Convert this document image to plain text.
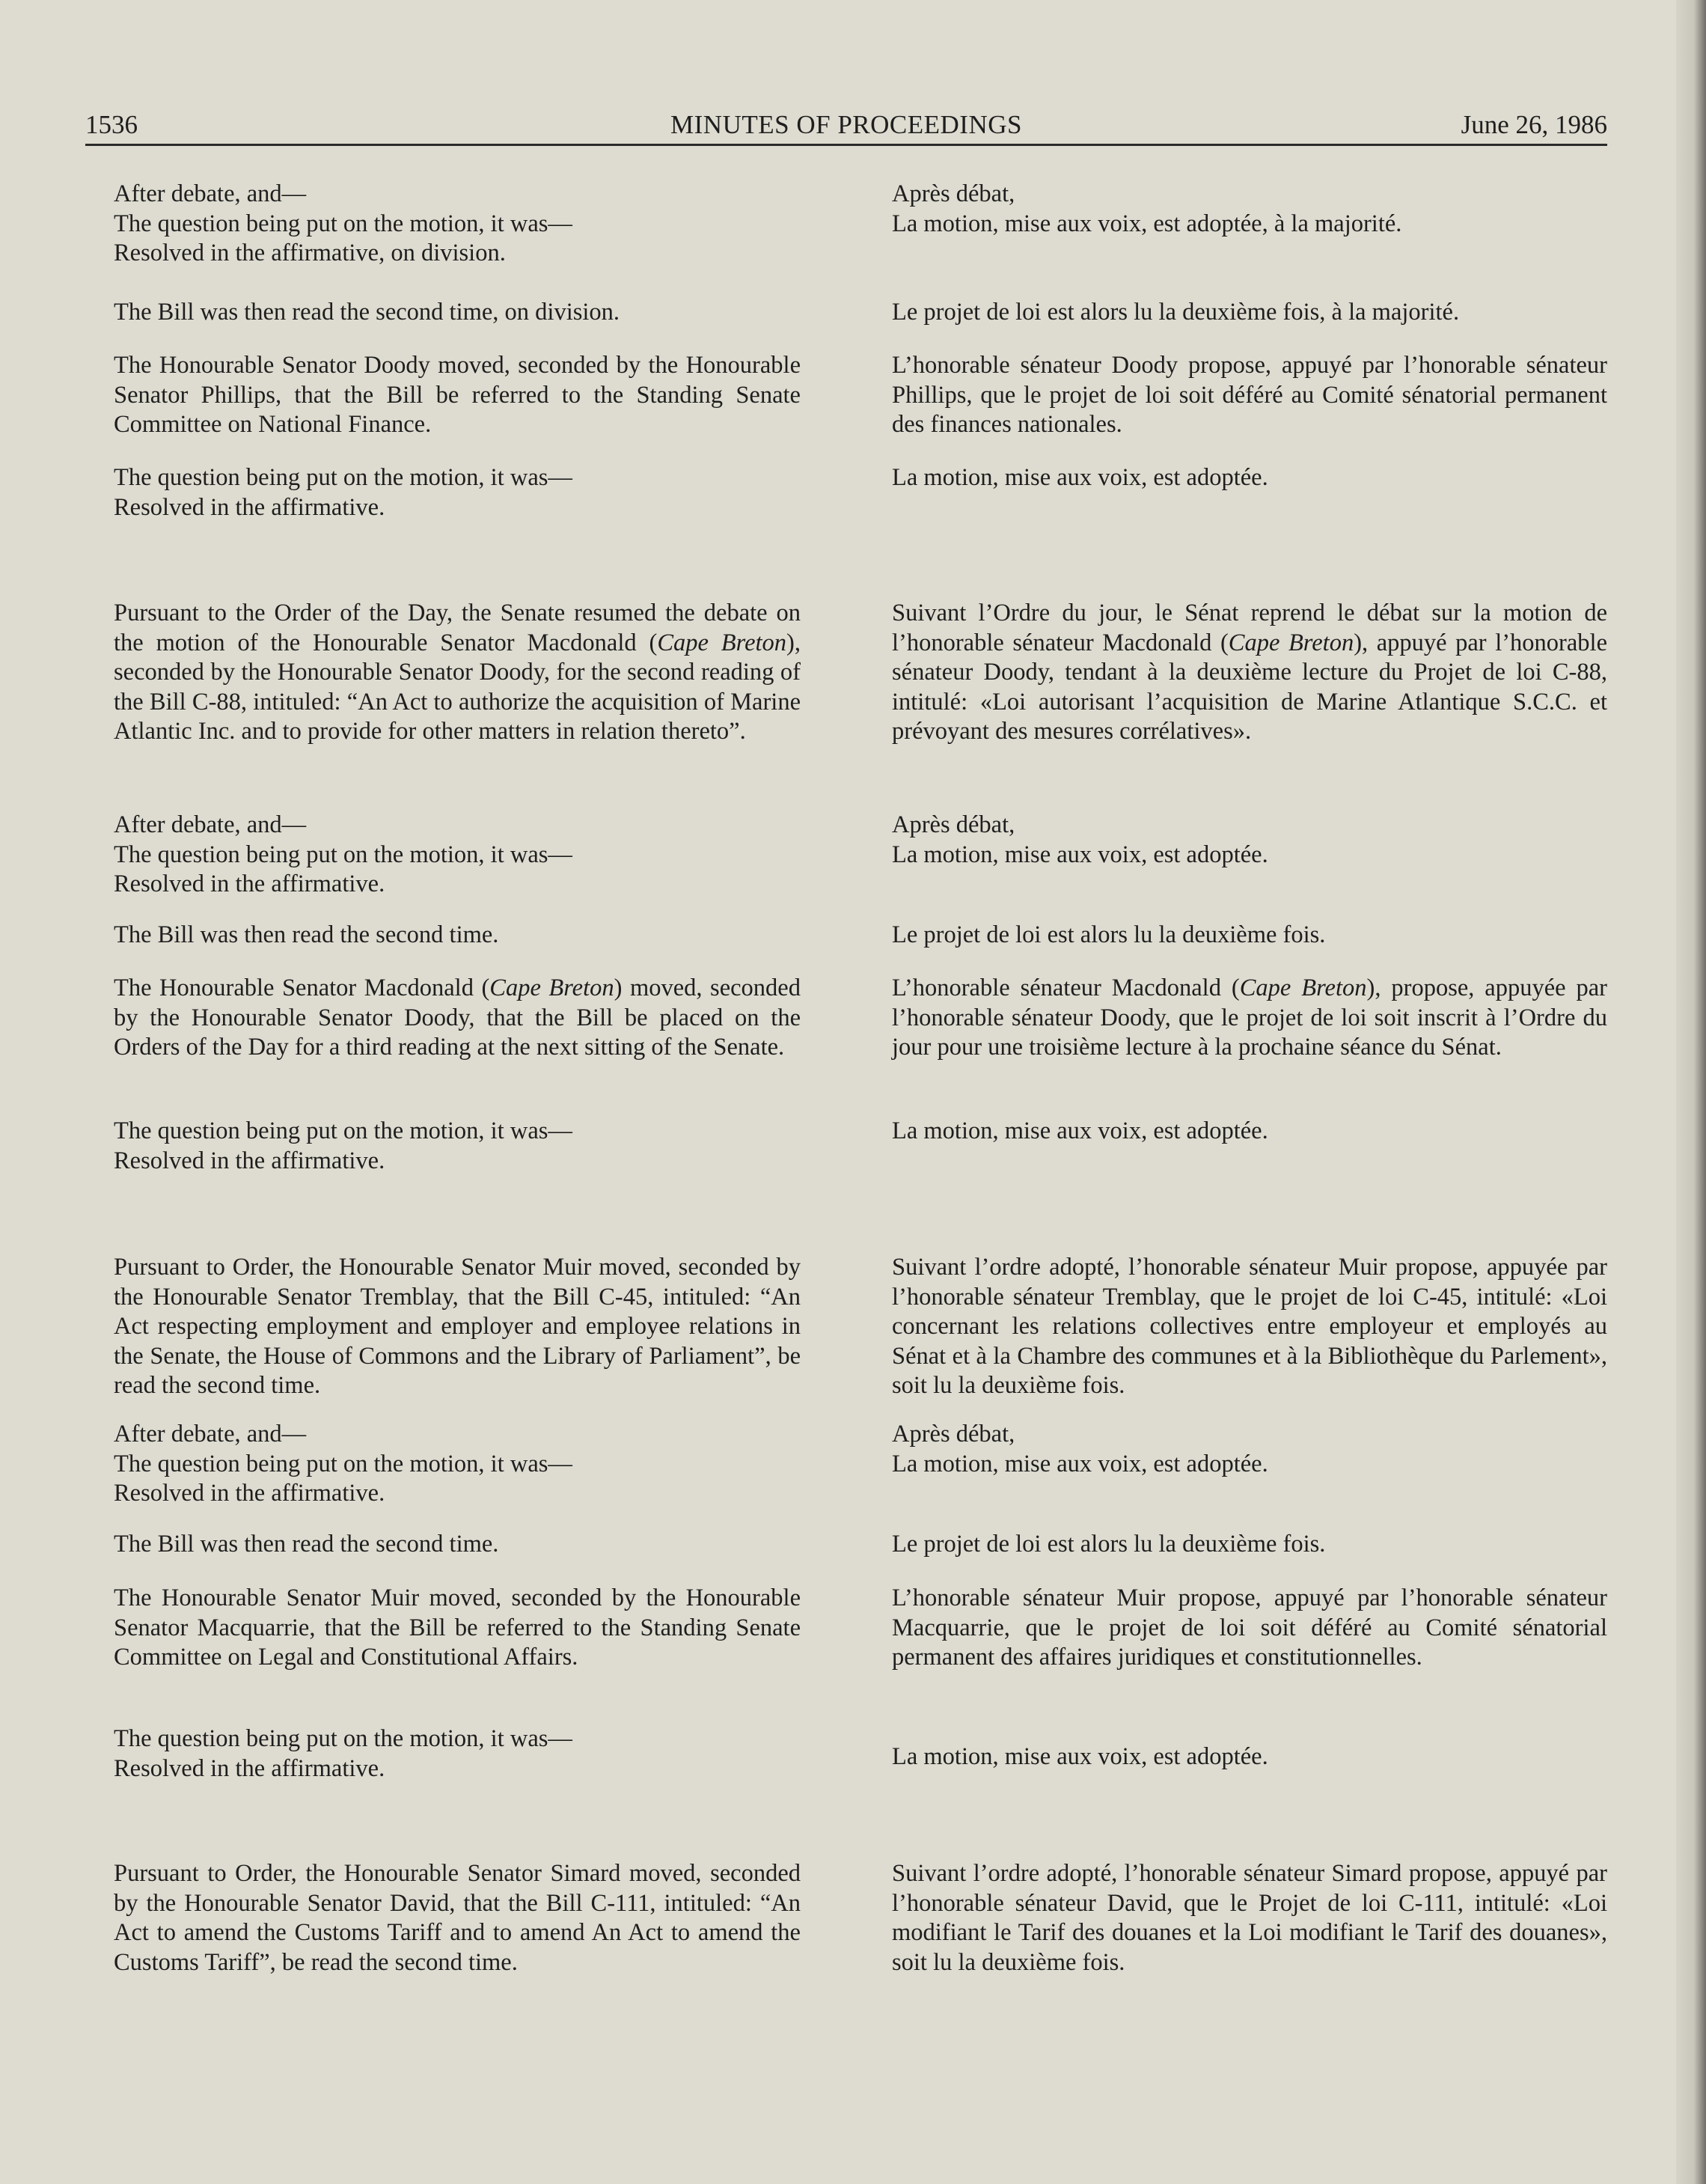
1536	MINUTES OF PROCEEDINGS	June 26, 1986

After debate, and—

The question being put on the motion, it was—

Resolved in the affirmative, on division.

The Bill was then read the second time, on division.

The Honourable Senator Doody moved, seconded by the Honourable Senator Phillips, that the Bill be referred to the Standing Senate Committee on National Finance.

The question being put on the motion, it was—

Resolved in the affirmative.

Pursuant to the Order of the Day, the Senate resumed the debate on the motion of the Honourable Senator Macdonald (Cape Breton), seconded by the Honourable Senator Doody, for the second reading of the Bill C-88, intituled: “An Act to authorize the acquisition of Marine Atlantic Inc. and to provide for other matters in relation thereto”.

After debate, and—

The question being put on the motion, it was—

Resolved in the affirmative.

The Bill was then read the second time.

The Honourable Senator Macdonald (Cape Breton) moved, seconded by the Honourable Senator Doody, that the Bill be placed on the Orders of the Day for a third reading at the next sitting of the Senate.

The question being put on the motion, it was—

Resolved in the affirmative.

Pursuant to Order, the Honourable Senator Muir moved, seconded by the Honourable Senator Tremblay, that the Bill C-45, intituled: “An Act respecting employment and employer and employee relations in the Senate, the House of Commons and the Library of Parliament”, be read the second time.

After debate, and—

The question being put on the motion, it was—

Resolved in the affirmative.

The Bill was then read the second time.

The Honourable Senator Muir moved, seconded by the Honourable Senator Macquarrie, that the Bill be referred to the Standing Senate Committee on Legal and Constitutional Affairs.

The question being put on the motion, it was—

Resolved in the affirmative.

Pursuant to Order, the Honourable Senator Simard moved, seconded by the Honourable Senator David, that the Bill C-111, intituled: “An Act to amend the Customs Tariff and to amend An Act to amend the Customs Tariff”, be read the second time.

Après débat,

La motion, mise aux voix, est adoptée, à la majorité.

Le projet de loi est alors lu la deuxième fois, à la majorité.

L’honorable sénateur Doody propose, appuyé par l’honorable sénateur Phillips, que le projet de loi soit déféré au Comité sénatorial permanent des finances nationales.

La motion, mise aux voix, est adoptée.

Suivant l’Ordre du jour, le Sénat reprend le débat sur la motion de l’honorable sénateur Macdonald (Cape Breton), appuyé par l’honorable sénateur Doody, tendant à la deuxième lecture du Projet de loi C-88, intitulé: «Loi autorisant l’acquisition de Marine Atlantique S.C.C. et prévoyant des mesures corrélatives».

Après débat,

La motion, mise aux voix, est adoptée.

Le projet de loi est alors lu la deuxième fois.

L’honorable sénateur Macdonald (Cape Breton), propose, appuyée par l’honorable sénateur Doody, que le projet de loi soit inscrit à l’Ordre du jour pour une troisième lecture à la prochaine séance du Sénat.

La motion, mise aux voix, est adoptée.

Suivant l’ordre adopté, l’honorable sénateur Muir propose, appuyée par l’honorable sénateur Tremblay, que le projet de loi C-45, intitulé: «Loi concernant les relations collectives entre employeur et employés au Sénat et à la Chambre des communes et à la Bibliothèque du Parlement», soit lu la deuxième fois.

Après débat,

La motion, mise aux voix, est adoptée.

Le projet de loi est alors lu la deuxième fois.

L’honorable sénateur Muir propose, appuyé par l’honorable sénateur Macquarrie, que le projet de loi soit déféré au Comité sénatorial permanent des affaires juridiques et constitutionnelles.

La motion, mise aux voix, est adoptée.

Suivant l’ordre adopté, l’honorable sénateur Simard propose, appuyé par l’honorable sénateur David, que le Projet de loi C-111, intitulé: «Loi modifiant le Tarif des douanes et la Loi modifiant le Tarif des douanes», soit lu la deuxième fois.
